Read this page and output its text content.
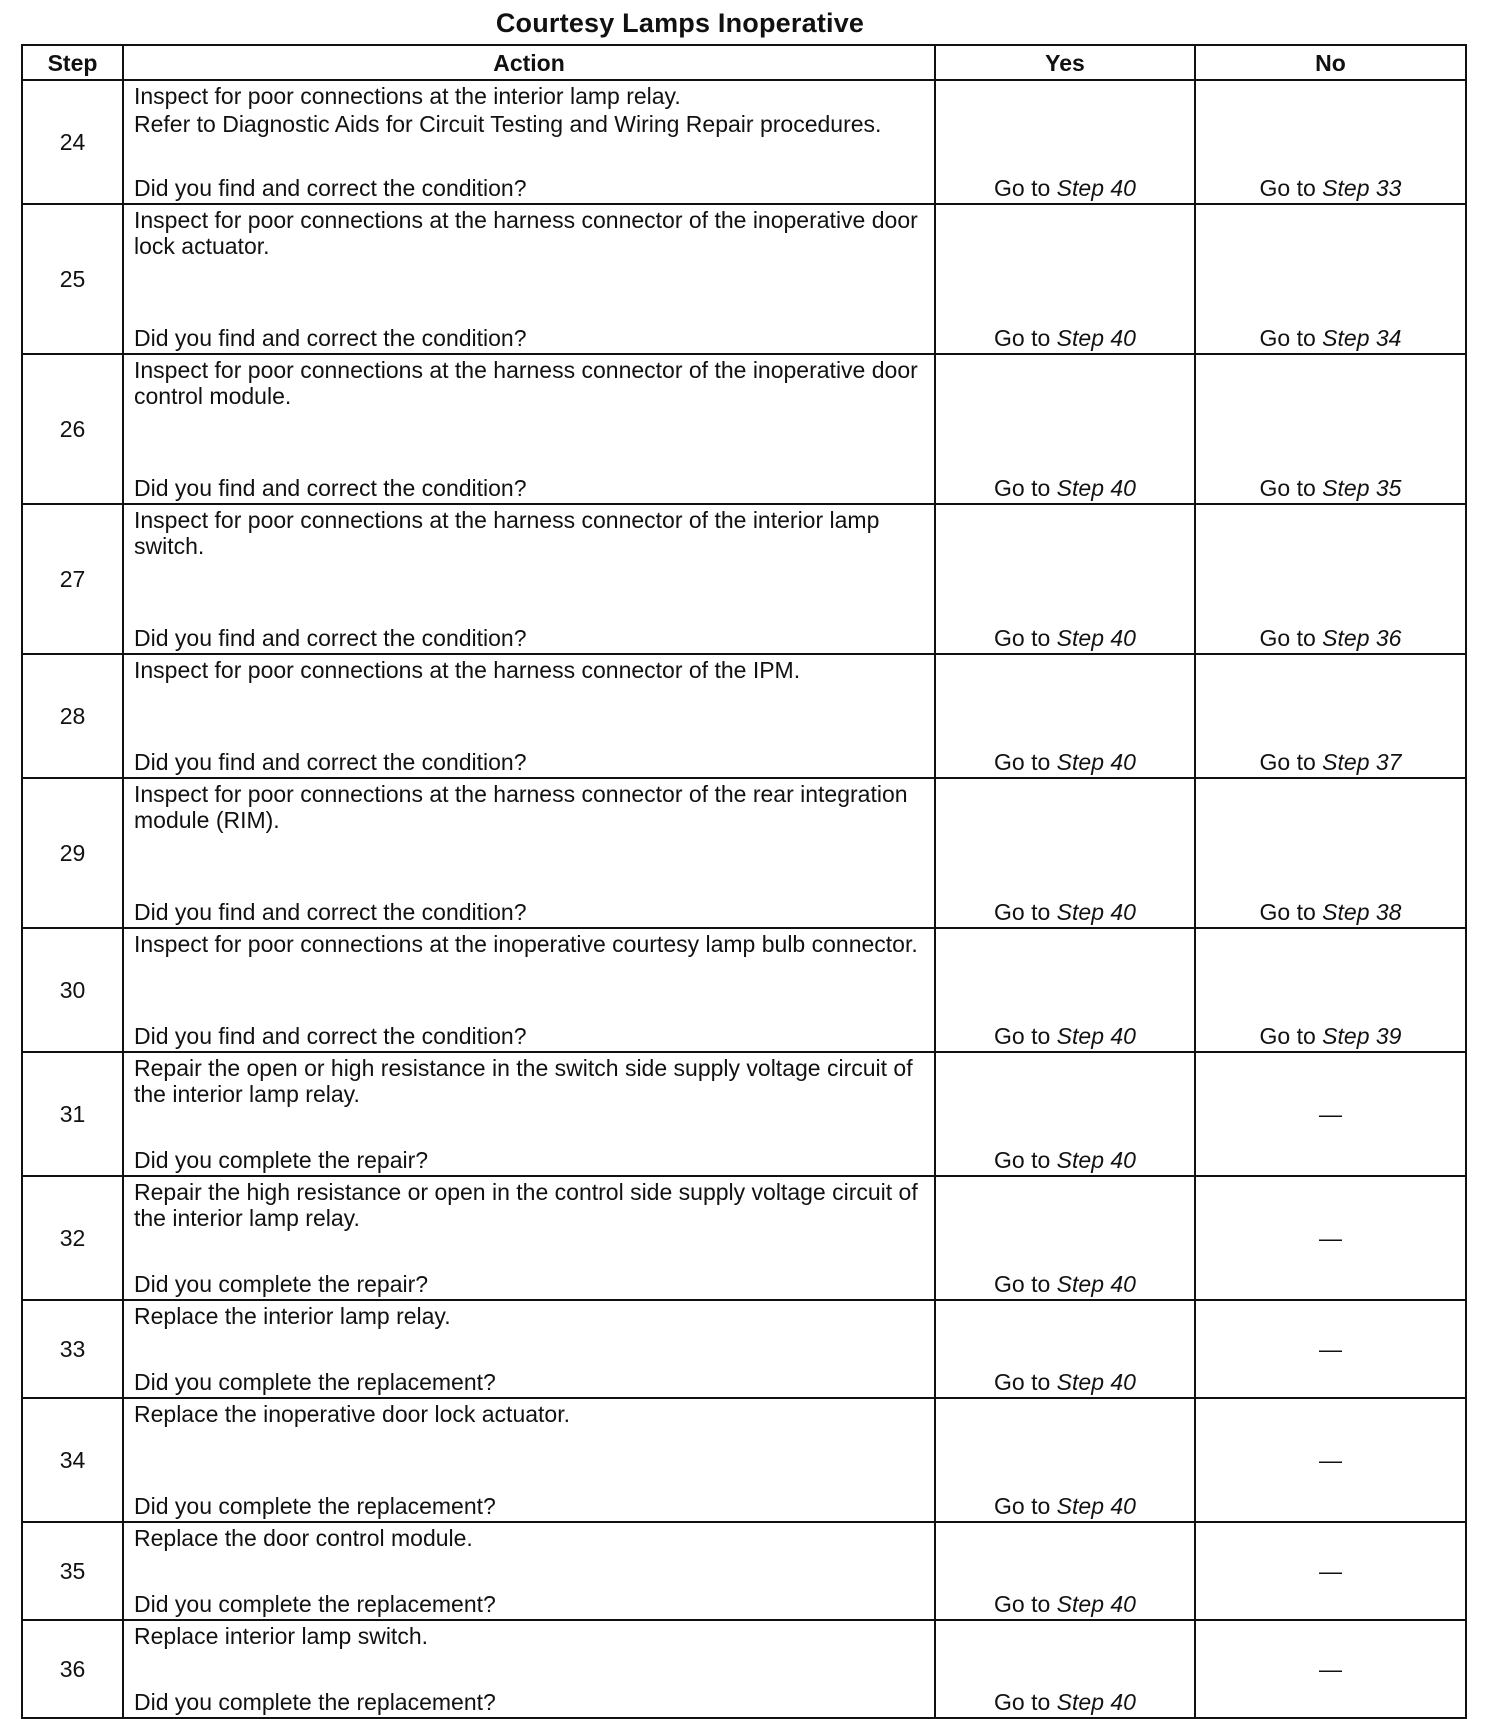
Courtesy Lamps Inoperative
Step	Action	Yes	No
24	Inspect for poor connections at the interior lamp relay.

Refer to Diagnostic Aids for Circuit Testing and Wiring Repair procedures.

Did you find and correct the condition?	Go to Step 40	Go to Step 33
25	Inspect for poor connections at the harness connector of the inoperative door lock actuator.

Did you find and correct the condition?	Go to Step 40	Go to Step 34
26	Inspect for poor connections at the harness connector of the inoperative door control module.

Did you find and correct the condition?	Go to Step 40	Go to Step 35
27	Inspect for poor connections at the harness connector of the interior lamp switch.

Did you find and correct the condition?	Go to Step 40	Go to Step 36
28	Inspect for poor connections at the harness connector of the IPM.

Did you find and correct the condition?	Go to Step 40	Go to Step 37
29	Inspect for poor connections at the harness connector of the rear integration module (RIM).

Did you find and correct the condition?	Go to Step 40	Go to Step 38
30	Inspect for poor connections at the inoperative courtesy lamp bulb connector.

Did you find and correct the condition?	Go to Step 40	Go to Step 39
31	Repair the open or high resistance in the switch side supply voltage circuit of the interior lamp relay.

Did you complete the repair?	Go to Step 40	—
32	Repair the high resistance or open in the control side supply voltage circuit of the interior lamp relay.

Did you complete the repair?	Go to Step 40	—
33	Replace the interior lamp relay.

Did you complete the replacement?	Go to Step 40	—
34	Replace the inoperative door lock actuator.

Did you complete the replacement?	Go to Step 40	—
35	Replace the door control module.

Did you complete the replacement?	Go to Step 40	—
36	Replace interior lamp switch.

Did you complete the replacement?	Go to Step 40	—
